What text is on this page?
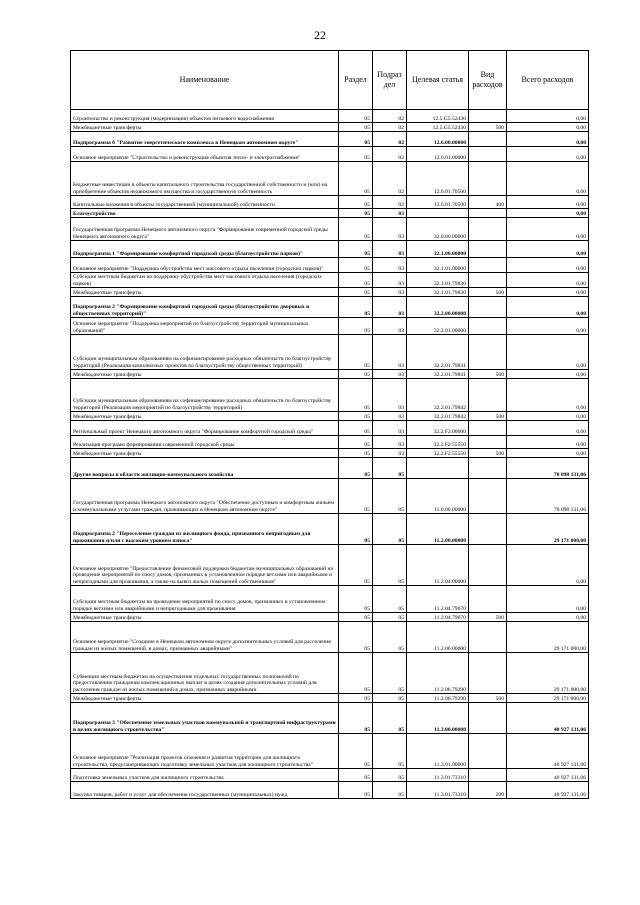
22
Наименование	Раздел	Подраз дел	Целевая статья	Вид расходов	Всего расходов
Строительство и реконструкция (модернизация) объектов питьевого водоснабжения	05	02	12.5.G5.52430		0,00
Межбюджетные трансферты	05	02	12.5.G5.52430	500	0,00
Подпрограмма 6 "Развитие энергетического комплекса в Ненецком автономном округе"	05	02	12.6.00.00000		0,00
Основное мероприятие "Строительство и реконструкция объектов тепло- и электроснабжения"	05	02	12.6.01.00000		0,00
Бюджетные инвестиции в объекты капитального строительства государственной собственности и (или) на приобретение объектов недвижимого имущества в государственную собственность	05	02	12.6.01.70500		0,00
Капитальные вложения в объекты государственной (муниципальной) собственности	05	02	12.6.01.70500	400	0,00
Благоустройство	05	03			0,00
Государственная программа Ненецкого автономного округа "Формирование современной городской среды Ненецкого автономного округа"	05	03	32.0.00.00000		0,00
Подпрограмма 1 "Формирование комфортной городской среды (благоустройство парков)"	05	03	32.1.00.00000		0,00
Основное мероприятие "Поддержка обустройства мест массового отдыха населения (городских парков)"	05	03	32.1.01.00000		0,00
Субсидии местным бюджетам на поддержку обустройства мест массового отдыха населения (городских парков)	05	03	32.1.01.79830		0,00
Межбюджетные трансферты	05	03	32.1.01.79830	500	0,00
Подпрограмма 2 "Формирование комфортной городской среды (благоустройство дворовых и общественных территорий)"	05	03	32.2.00.00000		0,00
Основное мероприятие "Поддержка мероприятий по благоустройству территорий муниципальных образований"	05	03	32.2.01.00000		0,00
Субсидии муниципальным образованиям на софинансирование расходных обязательств по благоустройству территорий (Реализация комплексных проектов по благоустройству общественных территорий)	05	03	32.2.01.79841		0,00
Межбюджетные трансферты	05	03	32.2.01.79841	500	0,00
Субсидии муниципальным образованиям на софинансирование расходных обязательств по благоустройству территорий (Реализация мероприятий по благоустройству территорий)	05	03	32.2.01.79842		0,00
Межбюджетные трансферты	05	03	32.2.01.79842	500	0,00
Региональный проект Ненецкого автономного округа "Формирование комфортной городской среды"	05	03	32.2.F2.00000		0,00
Реализация программ формирования современной городской среды	05	03	32.2.F2.55550		0,00
Межбюджетные трансферты	05	03	32.2.F2.55550	500	0,00
Другие вопросы в области жилищно-коммунального хозяйства	05	05			70 098 131,06
Государственная программа Ненецкого автономного округа "Обеспечение доступным и комфортным жильём и коммунальными услугами граждан, проживающих в Ненецком автономном округе"	05	05	11.0.00.00000		70 098 131,06
Подпрограмма 2 "Переселение граждан из жилищного фонда, признанного непригодным для проживания и/или с высоким уровнем износа"	05	05	11.2.00.00000		29 171 000,00
Основное мероприятие "Предоставление финансовой поддержки бюджетам муниципальных образований на проведение мероприятий по сносу домов, признанных в установленном порядке ветхими или аварийными и непригодными для проживания, а также на вывоз жилых помещений собственников"	05	05	11.2.04.00000		0,00
Субсидии местным бюджетам на проведение мероприятий по сносу домов, признанных в установленном порядке ветхими или аварийными и непригодными для проживания	05	05	11.2.04.79670		0,00
Межбюджетные трансферты	05	05	11.2.04.79670	500	0,00
Основное мероприятие "Создание в Ненецком автономном округе дополнительных условий для расселения граждан из жилых помещений, в домах, признанных аварийными"	05	05	11.2.06.00000		29 171 000,00
Субвенции местным бюджетам на осуществление отдельных государственных полномочий по предоставлению гражданам компенсационных выплат в целях создания дополнительных условий для расселения граждан из жилых помещений в домах, признанных аварийными	05	05	11.2.06.79290		29 171 000,00
Межбюджетные трансферты	05	05	11.2.06.79290	500	29 171 000,00
Подпрограмма 3 "Обеспечение земельных участков коммунальной и транспортной инфраструктурами в целях жилищного строительства"	05	05	11.3.00.00000		40 927 131,06
Основное мероприятие "Реализация проектов освоения и развития территории для жилищного строительства, предусматривающих подготовку земельных участков для жилищного строительства"	05	05	11.3.01.00000		40 927 131,06
Подготовка земельных участков для жилищного строительства	05	05	11.3.01.73310		40 927 131,06
Закупка товаров, работ и услуг для обеспечения государственных (муниципальных) нужд	05	05	11.3.01.73310	200	40 927 131,06
